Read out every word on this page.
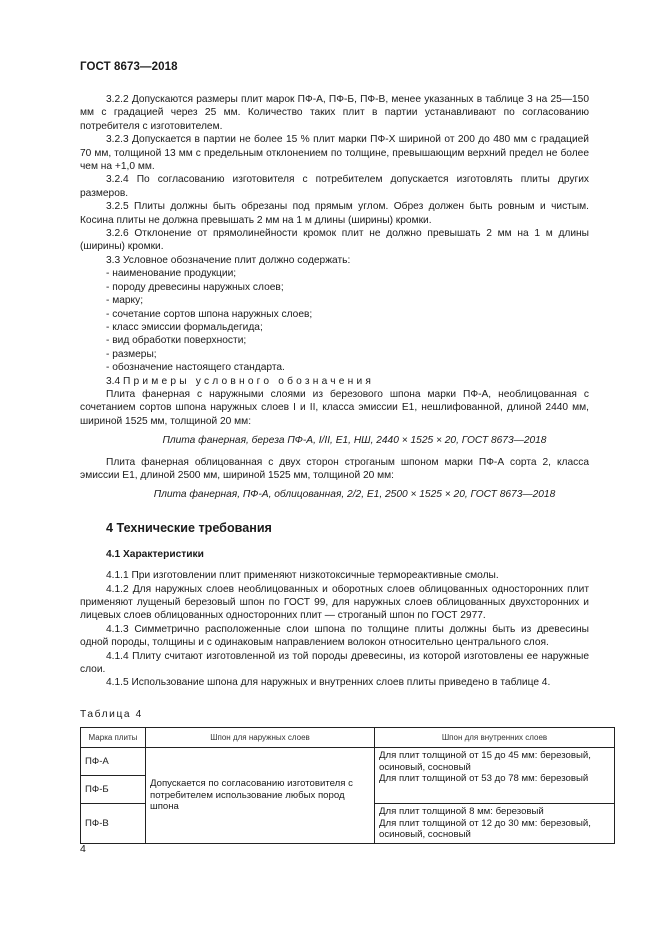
ГОСТ 8673—2018

3.2.2 Допускаются размеры плит марок ПФ-А, ПФ-Б, ПФ-В, менее указанных в таблице 3 на 25—150 мм с градацией через 25 мм. Количество таких плит в партии устанавливают по согласованию потребителя с изготовителем.

3.2.3 Допускается в партии не более 15 % плит марки ПФ-Х шириной от 200 до 480 мм с градацией 70 мм, толщиной 13 мм с предельным отклонением по толщине, превышающим верхний предел не более чем на +1,0 мм.

3.2.4 По согласованию изготовителя с потребителем допускается изготовлять плиты других размеров.

3.2.5 Плиты должны быть обрезаны под прямым углом. Обрез должен быть ровным и чистым. Косина плиты не должна превышать 2 мм на 1 м длины (ширины) кромки.

3.2.6 Отклонение от прямолинейности кромок плит не должно превышать 2 мм на 1 м длины (ширины) кромки.

3.3 Условное обозначение плит должно содержать:

- наименование продукции;

- породу древесины наружных слоев;

- марку;

- сочетание сортов шпона наружных слоев;

- класс эмиссии формальдегида;

- вид обработки поверхности;

- размеры;

- обозначение настоящего стандарта.

3.4 Примеры условного обозначения

Плита фанерная с наружными слоями из березового шпона марки ПФ-А, необлицованная с сочетанием сортов шпона наружных слоев I и II, класса эмиссии Е1, нешлифованной, длиной 2440 мм, шириной 1525 мм, толщиной 20 мм:

Плита фанерная, береза ПФ-А, I/II, Е1, НШ, 2440 × 1525 × 20, ГОСТ 8673—2018

Плита фанерная облицованная с двух сторон строганым шпоном марки ПФ-А сорта 2, класса эмиссии Е1, длиной 2500 мм, шириной 1525 мм, толщиной 20 мм:

Плита фанерная, ПФ-А, облицованная, 2/2, Е1, 2500 × 1525 × 20, ГОСТ 8673—2018

4 Технические требования
4.1 Характеристики

4.1.1 При изготовлении плит применяют низкотоксичные термореактивные смолы.

4.1.2 Для наружных слоев необлицованных и оборотных слоев облицованных односторонних плит применяют лущеный березовый шпон по ГОСТ 99, для наружных слоев облицованных двухсторонних и лицевых слоев облицованных односторонних плит — строганый шпон по ГОСТ 2977.

4.1.3 Симметрично расположенные слои шпона по толщине плиты должны быть из древесины одной породы, толщины и с одинаковым направлением волокон относительно центрального слоя.

4.1.4 Плиту считают изготовленной из той породы древесины, из которой изготовлены ее наружные слои.

4.1.5 Использование шпона для наружных и внутренних слоев плиты приведено в таблице 4.

Таблица 4

Марка плиты	Шпон для наружных слоев	Шпон для внутренних слоев
ПФ-А	Допускается по согласованию изготовителя с потребителем использование любых пород шпона	Для плит толщиной от 15 до 45 мм: березовый, осиновый, сосновый
Для плит толщиной от 53 до 78 мм: березовый
ПФ-Б		
ПФ-В		Для плит толщиной 8 мм: березовый
Для плит толщиной от 12 до 30 мм: березовый, осиновый, сосновый
4
